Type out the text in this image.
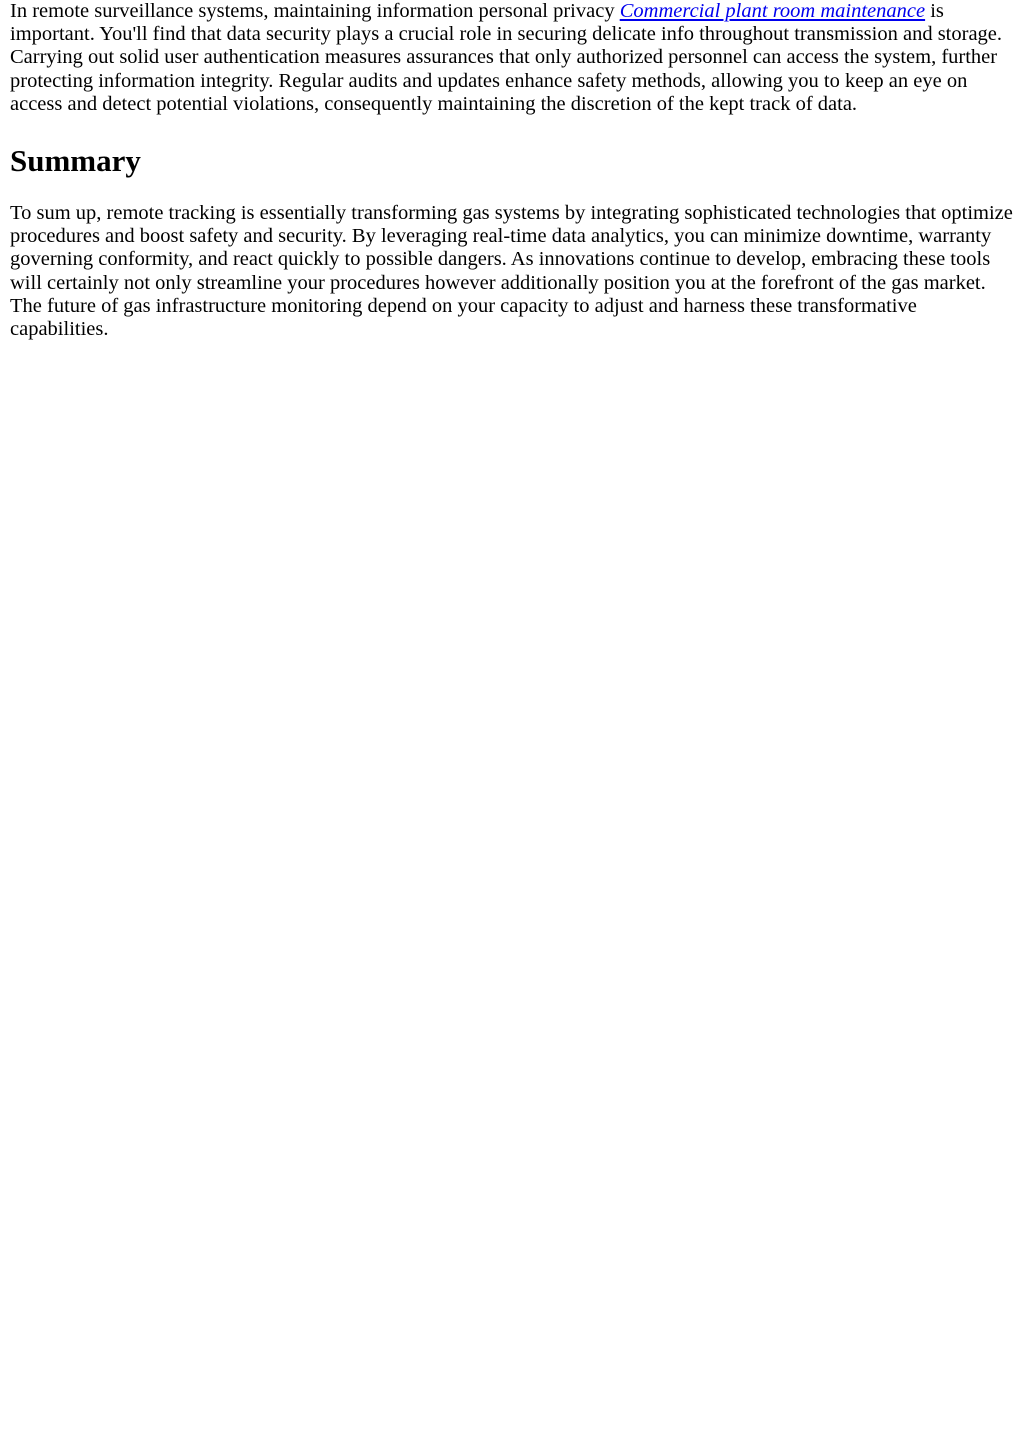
In remote surveillance systems, maintaining information personal privacy Commercial plant room maintenance is important. You'll find that data security plays a crucial role in securing delicate info throughout transmission and storage. Carrying out solid user authentication measures assurances that only authorized personnel can access the system, further protecting information integrity. Regular audits and updates enhance safety methods, allowing you to keep an eye on access and detect potential violations, consequently maintaining the discretion of the kept track of data.

Summary

To sum up, remote tracking is essentially transforming gas systems by integrating sophisticated technologies that optimize procedures and boost safety and security. By leveraging real-time data analytics, you can minimize downtime, warranty governing conformity, and react quickly to possible dangers. As innovations continue to develop, embracing these tools will certainly not only streamline your procedures however additionally position you at the forefront of the gas market. The future of gas infrastructure monitoring depend on your capacity to adjust and harness these transformative capabilities.
